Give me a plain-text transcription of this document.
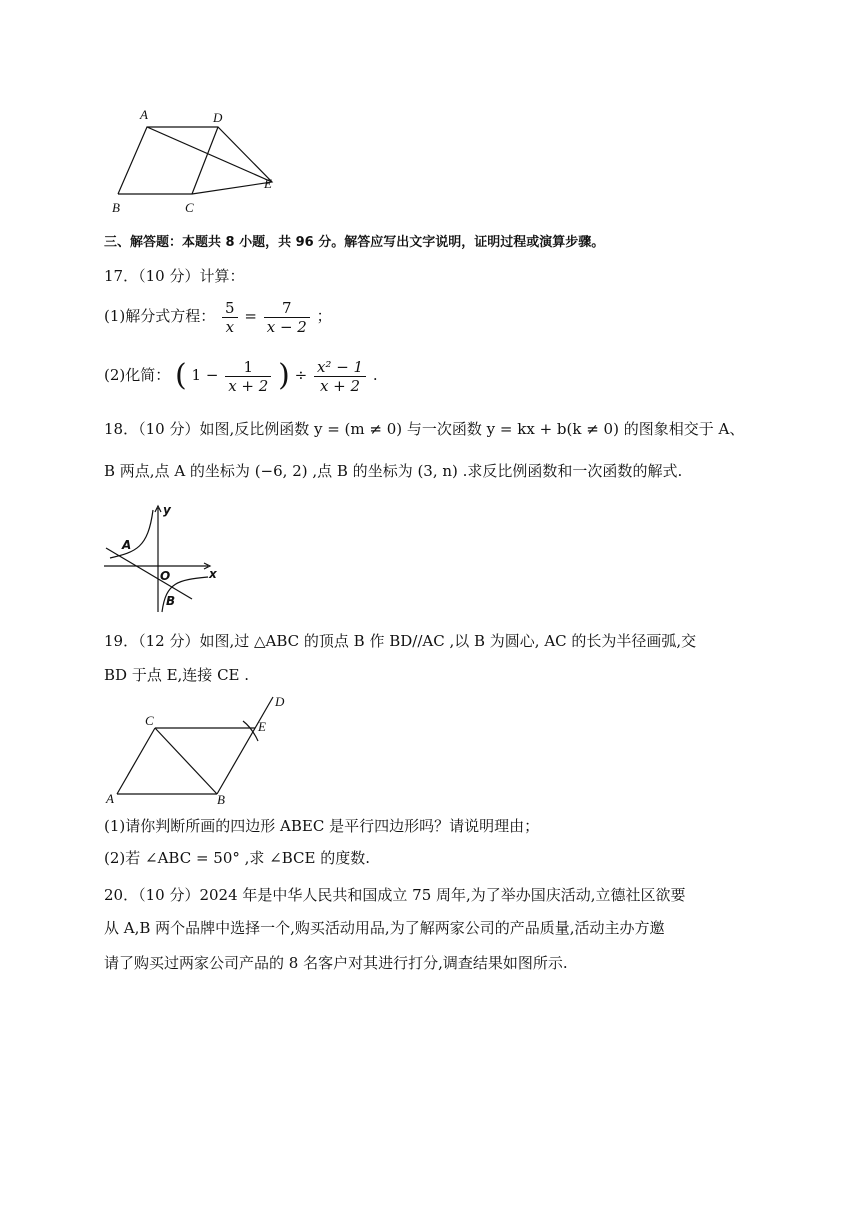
A	D
E
B	C
三、解答题：本题共 8 小题，共 96 分。解答应写出文字说明，证明过程或演算步骤。
17．（10 分）计算：
(1)解分式方程： $\frac{5}{x} = \frac{7}{x - 2}$ ；
(2)化简： ( $1 - \frac{1}{x + 2}$ ) ÷ $\frac{\text{x² − 1}}{x + 2}$ .
18．（10 分）如图,反比例函数 y = (m ≠ 0) 与一次函数 y = kx + b(k ≠ 0) 的图象相交于 A、
B 两点,点 A 的坐标为 (−6, 2) ,点 B 的坐标为 (3, n) .求反比例函数和一次函数的解式.
y
x
O
A
B
19．（12 分）如图,过 △ABC 的顶点 B 作 BD//AC ,以 B 为圆心, AC 的长为半径画弧,交
BD 于点 E,连接 CE .
C
D
E
A	B
(1)请你判断所画的四边形 ABEC 是平行四边形吗？请说明理由；
(2)若 ∠ABC = 50° ,求 ∠BCE 的度数.
20．（10 分）2024 年是中华人民共和国成立 75 周年,为了举办国庆活动,立德社区欲要
从 A,B 两个品牌中选择一个,购买活动用品,为了解两家公司的产品质量,活动主办方邀
请了购买过两家公司产品的 8 名客户对其进行打分,调查结果如图所示.
